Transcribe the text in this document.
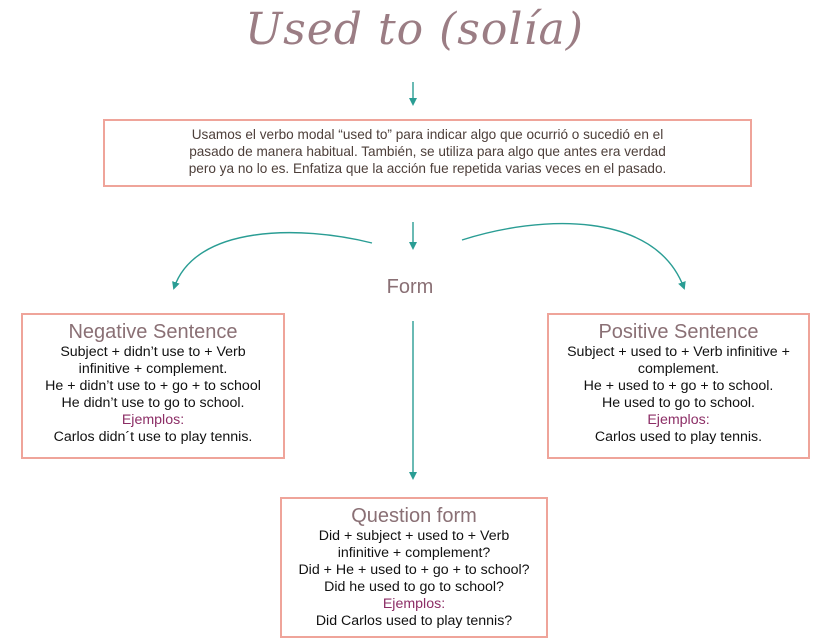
Used to (solía)
Usamos el verbo modal “used to” para indicar algo que ocurrió o sucedió en el
pasado de manera habitual. También, se utiliza para algo que antes era verdad
pero ya no lo es. Enfatiza que la acción fue repetida varias veces en el pasado.
Form
Negative Sentence
Subject + didn’t use to + Verb
infinitive + complement.
He + didn’t use to + go + to school
He didn’t use to go to school.
Ejemplos:
Carlos didn´t use to play tennis.
Positive Sentence
Subject + used to + Verb infinitive +
complement.
He + used to + go + to school.
He used to go to school.
Ejemplos:
Carlos used to play tennis.
Question form
Did + subject + used to + Verb
infinitive + complement?
Did + He + used to + go + to school?
Did he used to go to school?
Ejemplos:
Did Carlos used to play tennis?
